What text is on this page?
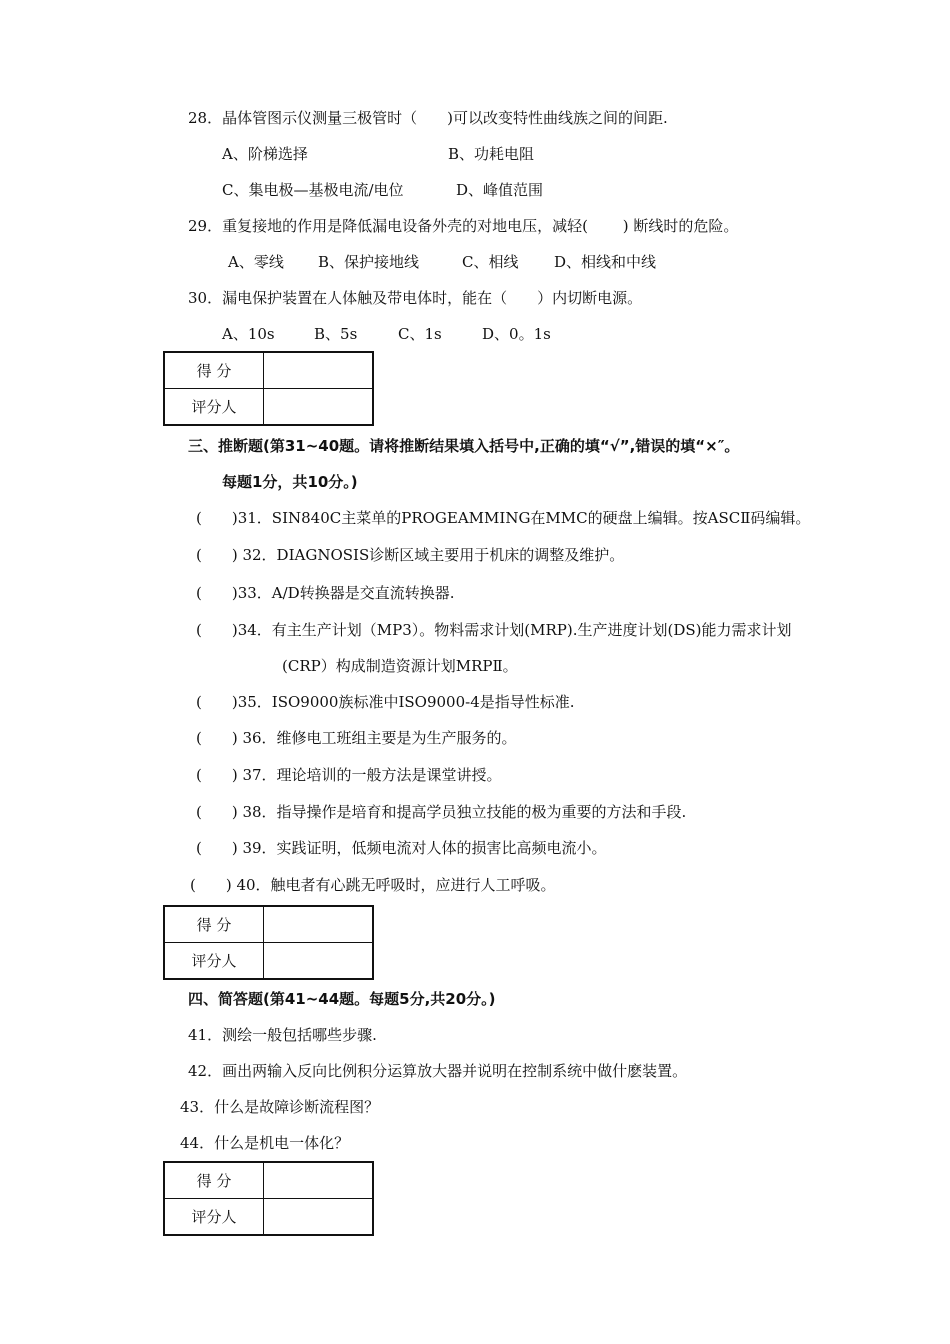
28．晶体管图示仪测量三极管时（　　)可以改变特性曲线族之间的间距.
A、阶梯选择	B、功耗电阻
C、集电极—基极电流/电位	D、峰值范围
29．重复接地的作用是降低漏电设备外壳的对地电压，减轻(　　 ) 断线时的危险。
A、零线 B、保护接地线	C、相线 D、相线和中线
30．漏电保护装置在人体触及带电体时，能在（　　）内切断电源。
A、10s	B、5s	C、1s	D、0。1s
得 分	
评分人	
三、推断题(第31~40题。请将推断结果填入括号中,正确的填“√”,错误的填“×″。
每题1分，共10分。)
(　　)31．SIN840C主菜单的PROGEAMMING在MMC的硬盘上编辑。按ASCⅡ码编辑。
(　　) 32．DIAGNOSIS诊断区域主要用于机床的调整及维护。
(　　)33．A/D转换器是交直流转换器.
(　　)34．有主生产计划（MP3）。物料需求计划(MRP).生产进度计划(DS)能力需求计划
(CRP）构成制造资源计划MRPⅡ。
(　　)35．ISO9000族标准中ISO9000-4是指导性标准.
(　　) 36．维修电工班组主要是为生产服务的。
(　　) 37．理论培训的一般方法是课堂讲授。
(　　) 38．指导操作是培育和提高学员独立技能的极为重要的方法和手段.
(　　) 39．实践证明，低频电流对人体的损害比高频电流小。
(　　) 40．触电者有心跳无呼吸时，应进行人工呼吸。
得 分	
评分人	
四、简答题(第41~44题。每题5分,共20分。)
41．测绘一般包括哪些步骤.
42．画出两输入反向比例积分运算放大器并说明在控制系统中做什麽装置。
43．什么是故障诊断流程图？
44．什么是机电一体化？
得 分	
评分人	
